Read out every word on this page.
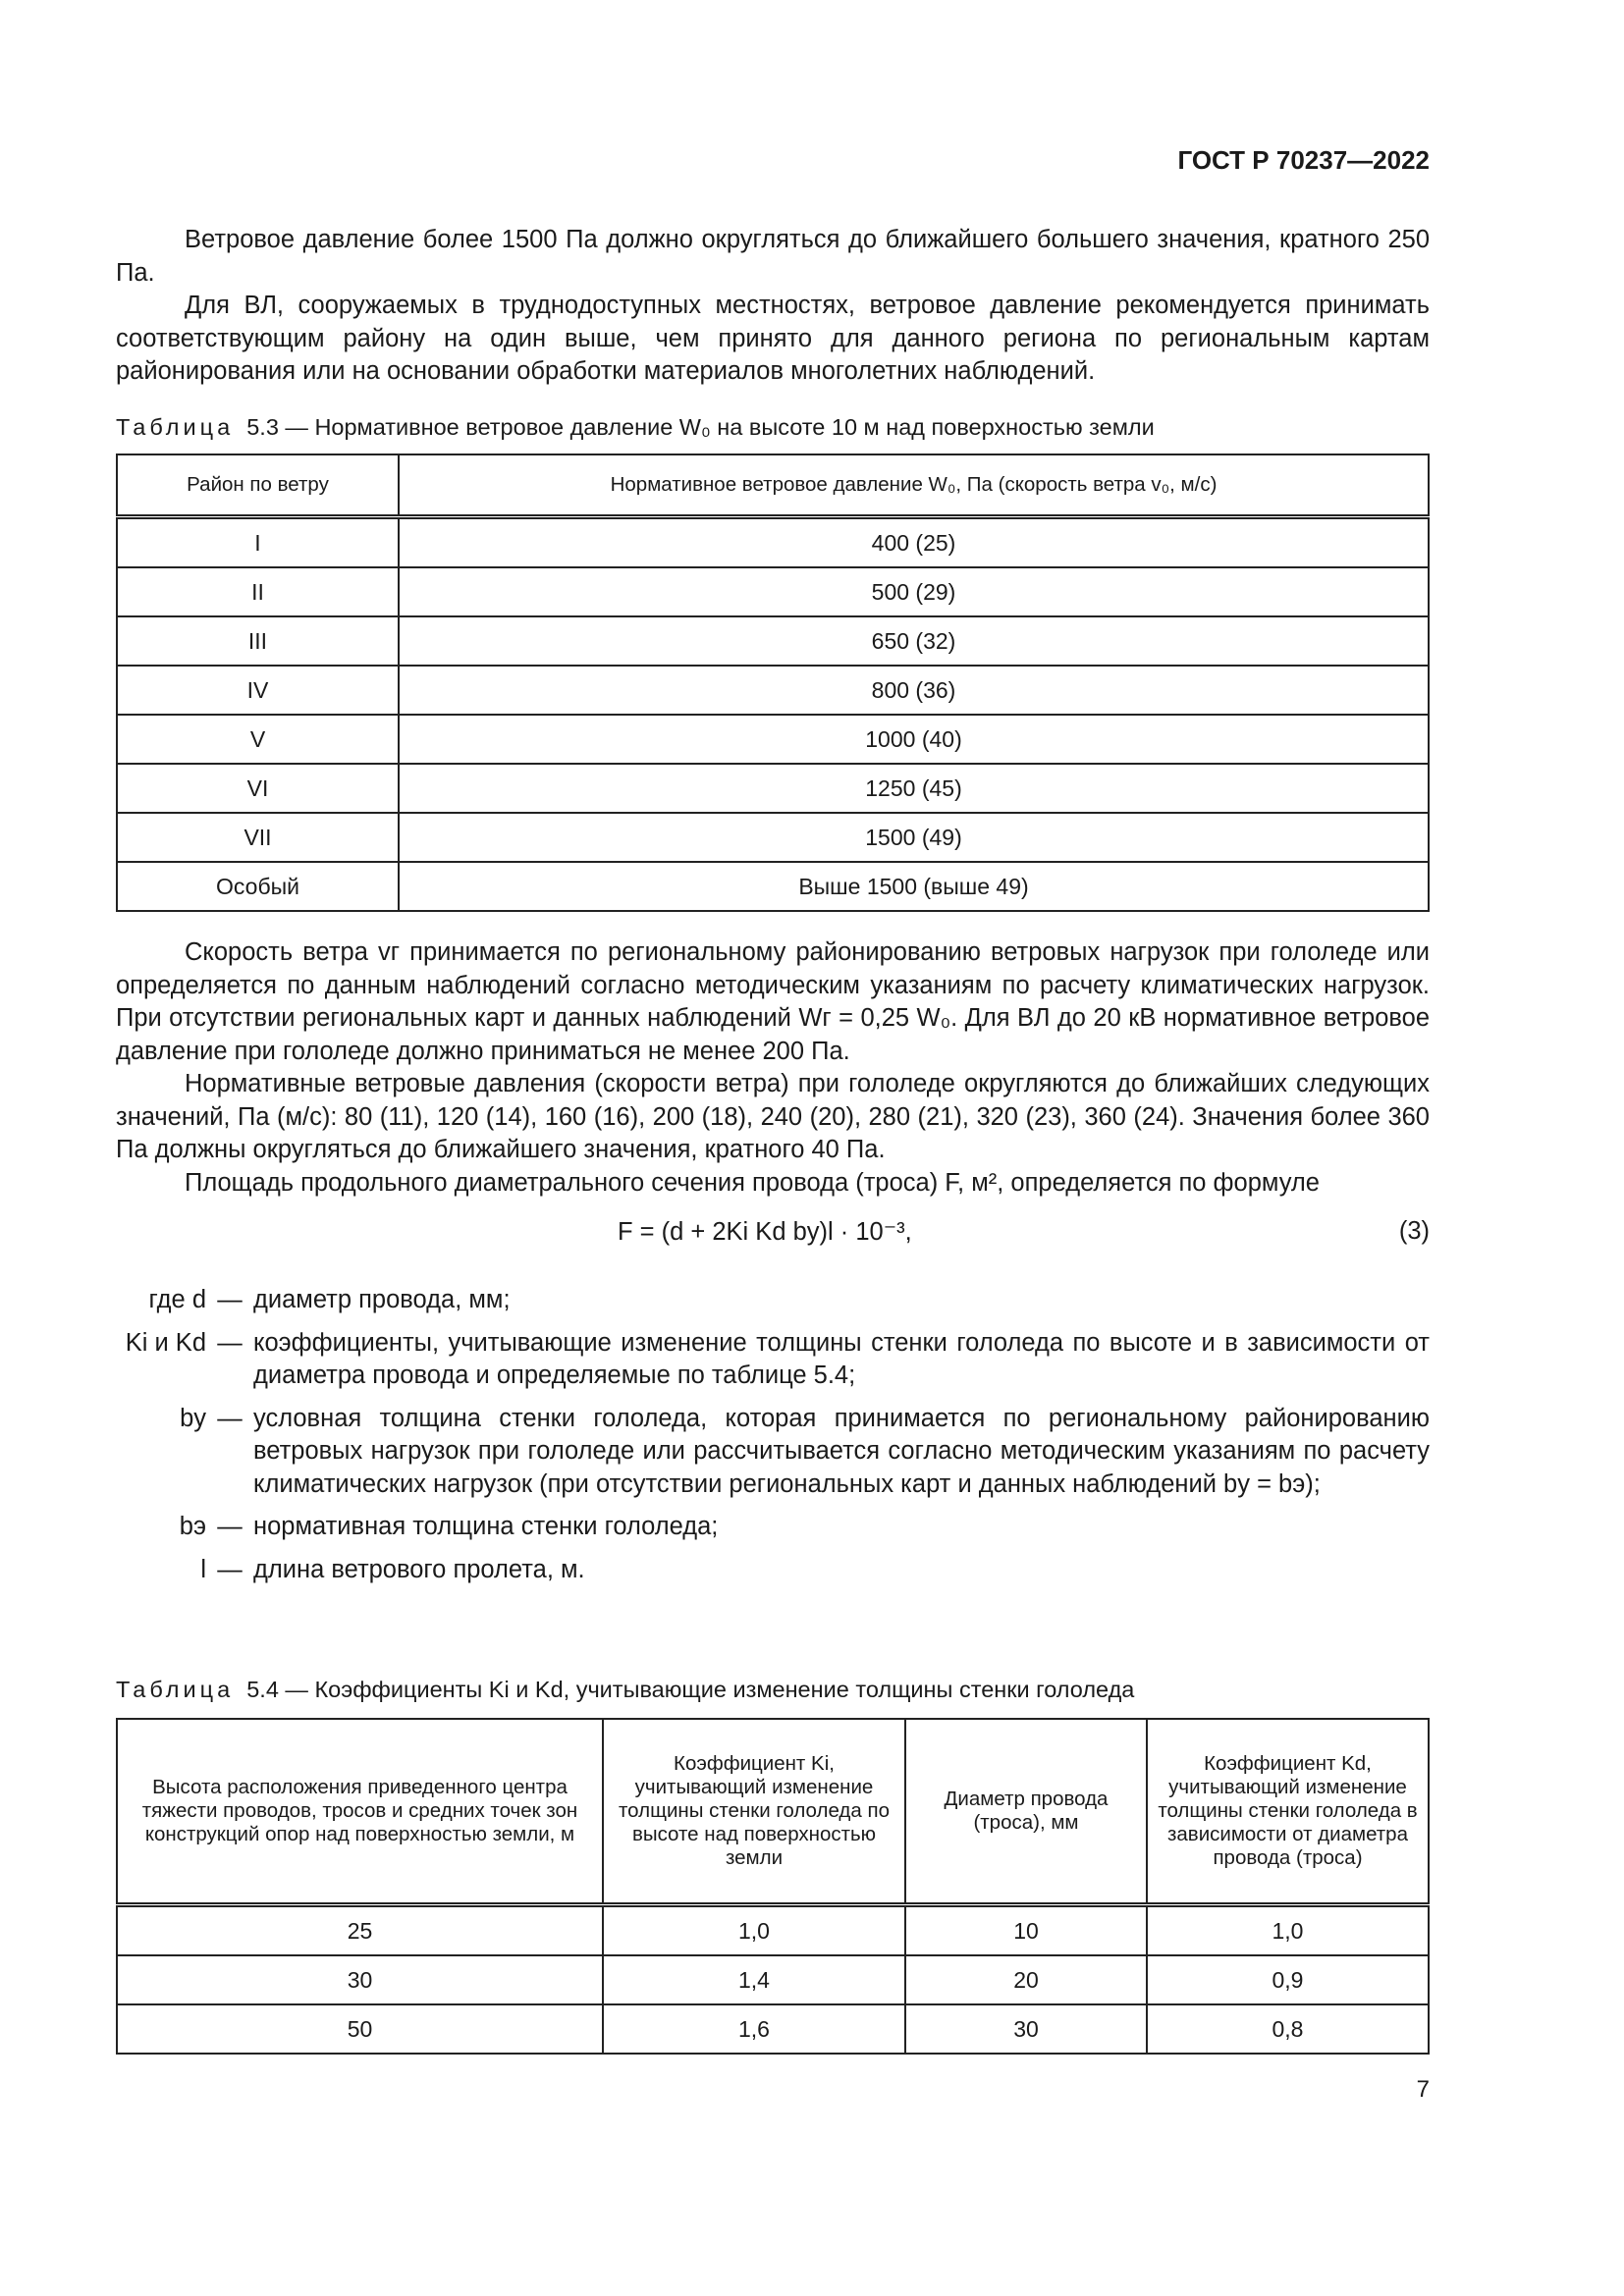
ГОСТ Р 70237—2022

Ветровое давление более 1500 Па должно округляться до ближайшего большего значения, кратного 250 Па.

Для ВЛ, сооружаемых в труднодоступных местностях, ветровое давление рекомендуется принимать соответствующим району на один выше, чем принято для данного региона по региональным картам районирования или на основании обработки материалов многолетних наблюдений.

Таблица 5.3 — Нормативное ветровое давление W₀ на высоте 10 м над поверхностью земли
Район по ветру	Нормативное ветровое давление W₀, Па (скорость ветра v₀, м/с)
I	400 (25)
II	500 (29)
III	650 (32)
IV	800 (36)
V	1000 (40)
VI	1250 (45)
VII	1500 (49)
Особый	Выше 1500 (выше 49)

Скорость ветра vг принимается по региональному районированию ветровых нагрузок при гололеде или определяется по данным наблюдений согласно методическим указаниям по расчету климатических нагрузок. При отсутствии региональных карт и данных наблюдений Wг = 0,25 W₀. Для ВЛ до 20 кВ нормативное ветровое давление при гололеде должно приниматься не менее 200 Па.

Нормативные ветровые давления (скорости ветра) при гололеде округляются до ближайших следующих значений, Па (м/с): 80 (11), 120 (14), 160 (16), 200 (18), 240 (20), 280 (21), 320 (23), 360 (24). Значения более 360 Па должны округляться до ближайшего значения, кратного 40 Па.

Площадь продольного диаметрального сечения провода (троса) F, м², определяется по формуле

F = (d + 2Ki Kd bу)l · 10⁻³,	(3)
где d — диаметр провода, мм;
Ki и Kd — коэффициенты, учитывающие изменение толщины стенки гололеда по высоте и в зависимости от диаметра провода и определяемые по таблице 5.4;
bу — условная толщина стенки гололеда, которая принимается по региональному районированию ветровых нагрузок при гололеде или рассчитывается согласно методическим указаниям по расчету климатических нагрузок (при отсутствии региональных карт и данных наблюдений bу = bэ);
bэ — нормативная толщина стенки гололеда;
l — длина ветрового пролета, м.
Таблица 5.4 — Коэффициенты Ki и Kd, учитывающие изменение толщины стенки гололеда
Высота расположения приведенного центра тяжести проводов, тросов и средних точек зон конструкций опор над поверхностью земли, м	Коэффициент Ki, учитывающий изменение толщины стенки гололеда по высоте над поверхностью земли	Диаметр провода (троса), мм	Коэффициент Kd, учитывающий изменение толщины стенки гололеда в зависимости от диаметра провода (троса)
25	1,0	10	1,0
30	1,4	20	0,9
50	1,6	30	0,8
7
